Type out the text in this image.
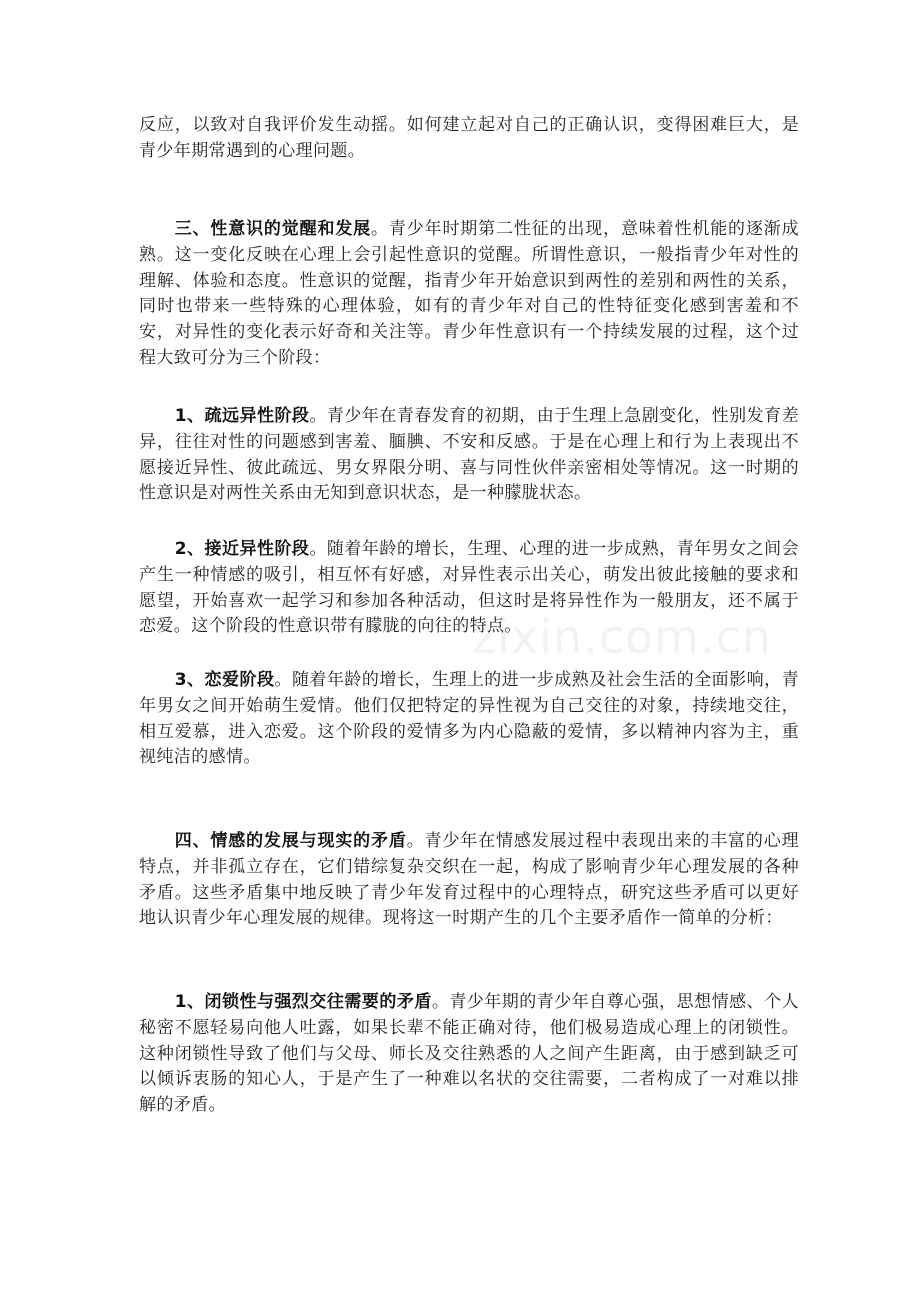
反应，以致对自我评价发生动摇。如何建立起对自己的正确认识，变得困难巨大，是青少年期常遇到的心理问题。

三、性意识的觉醒和发展。青少年时期第二性征的出现，意味着性机能的逐渐成熟。这一变化反映在心理上会引起性意识的觉醒。所谓性意识，一般指青少年对性的理解、体验和态度。性意识的觉醒，指青少年开始意识到两性的差别和两性的关系，同时也带来一些特殊的心理体验，如有的青少年对自己的性特征变化感到害羞和不安，对异性的变化表示好奇和关注等。青少年性意识有一个持续发展的过程，这个过程大致可分为三个阶段：

1、疏远异性阶段。青少年在青春发育的初期，由于生理上急剧变化，性别发育差异，往往对性的问题感到害羞、腼腆、不安和反感。于是在心理上和行为上表现出不愿接近异性、彼此疏远、男女界限分明、喜与同性伙伴亲密相处等情况。这一时期的性意识是对两性关系由无知到意识状态，是一种朦胧状态。

2、接近异性阶段。随着年龄的增长，生理、心理的进一步成熟，青年男女之间会产生一种情感的吸引，相互怀有好感，对异性表示出关心，萌发出彼此接触的要求和愿望，开始喜欢一起学习和参加各种活动，但这时是将异性作为一般朋友，还不属于恋爱。这个阶段的性意识带有朦胧的向往的特点。

3、恋爱阶段。随着年龄的增长，生理上的进一步成熟及社会生活的全面影响，青年男女之间开始萌生爱情。他们仅把特定的异性视为自己交往的对象，持续地交往，相互爱慕，进入恋爱。这个阶段的爱情多为内心隐蔽的爱情，多以精神内容为主，重视纯洁的感情。

四、情感的发展与现实的矛盾。青少年在情感发展过程中表现出来的丰富的心理特点，并非孤立存在，它们错综复杂交织在一起，构成了影响青少年心理发展的各种矛盾。这些矛盾集中地反映了青少年发育过程中的心理特点，研究这些矛盾可以更好地认识青少年心理发展的规律。现将这一时期产生的几个主要矛盾作一简单的分析：

1、闭锁性与强烈交往需要的矛盾。青少年期的青少年自尊心强，思想情感、个人秘密不愿轻易向他人吐露，如果长辈不能正确对待，他们极易造成心理上的闭锁性。这种闭锁性导致了他们与父母、师长及交往熟悉的人之间产生距离，由于感到缺乏可以倾诉衷肠的知心人，于是产生了一种难以名状的交往需要，二者构成了一对难以排解的矛盾。

zixin.com.cn
